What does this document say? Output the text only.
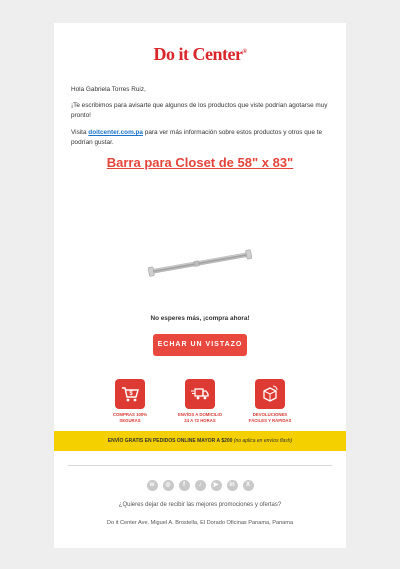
Do it Center®
Hola Gabriela Torres Ruiz,
¡Te escribimos para avisarte que algunos de los productos que viste podrían agotarse muy pronto!
Visita doitcenter.com.pa para ver más información sobre estos productos y otros que te podrían gustar.
Barra para Closet de 58" x 83"
No esperes más, ¡compra ahora!
ECHAR UN VISTAZO
$
COMPRAS 100%
SEGURAS
ENVÍOS A DOMICILIO
24 A 72 HORAS
DEVOLUCIONES
FÁCILES Y RÁPIDAS
ENVÍO GRATIS EN PEDIDOS ONLINE MAYOR A $200 (no aplica en envíos flash)
w	◎	f	♪	▶	in	X
¿Quieres dejar de recibir las mejores promociones y ofertas?
Do it Center Ave. Miguel A. Brostella, El Dorado Oficinas Panama, Panama
